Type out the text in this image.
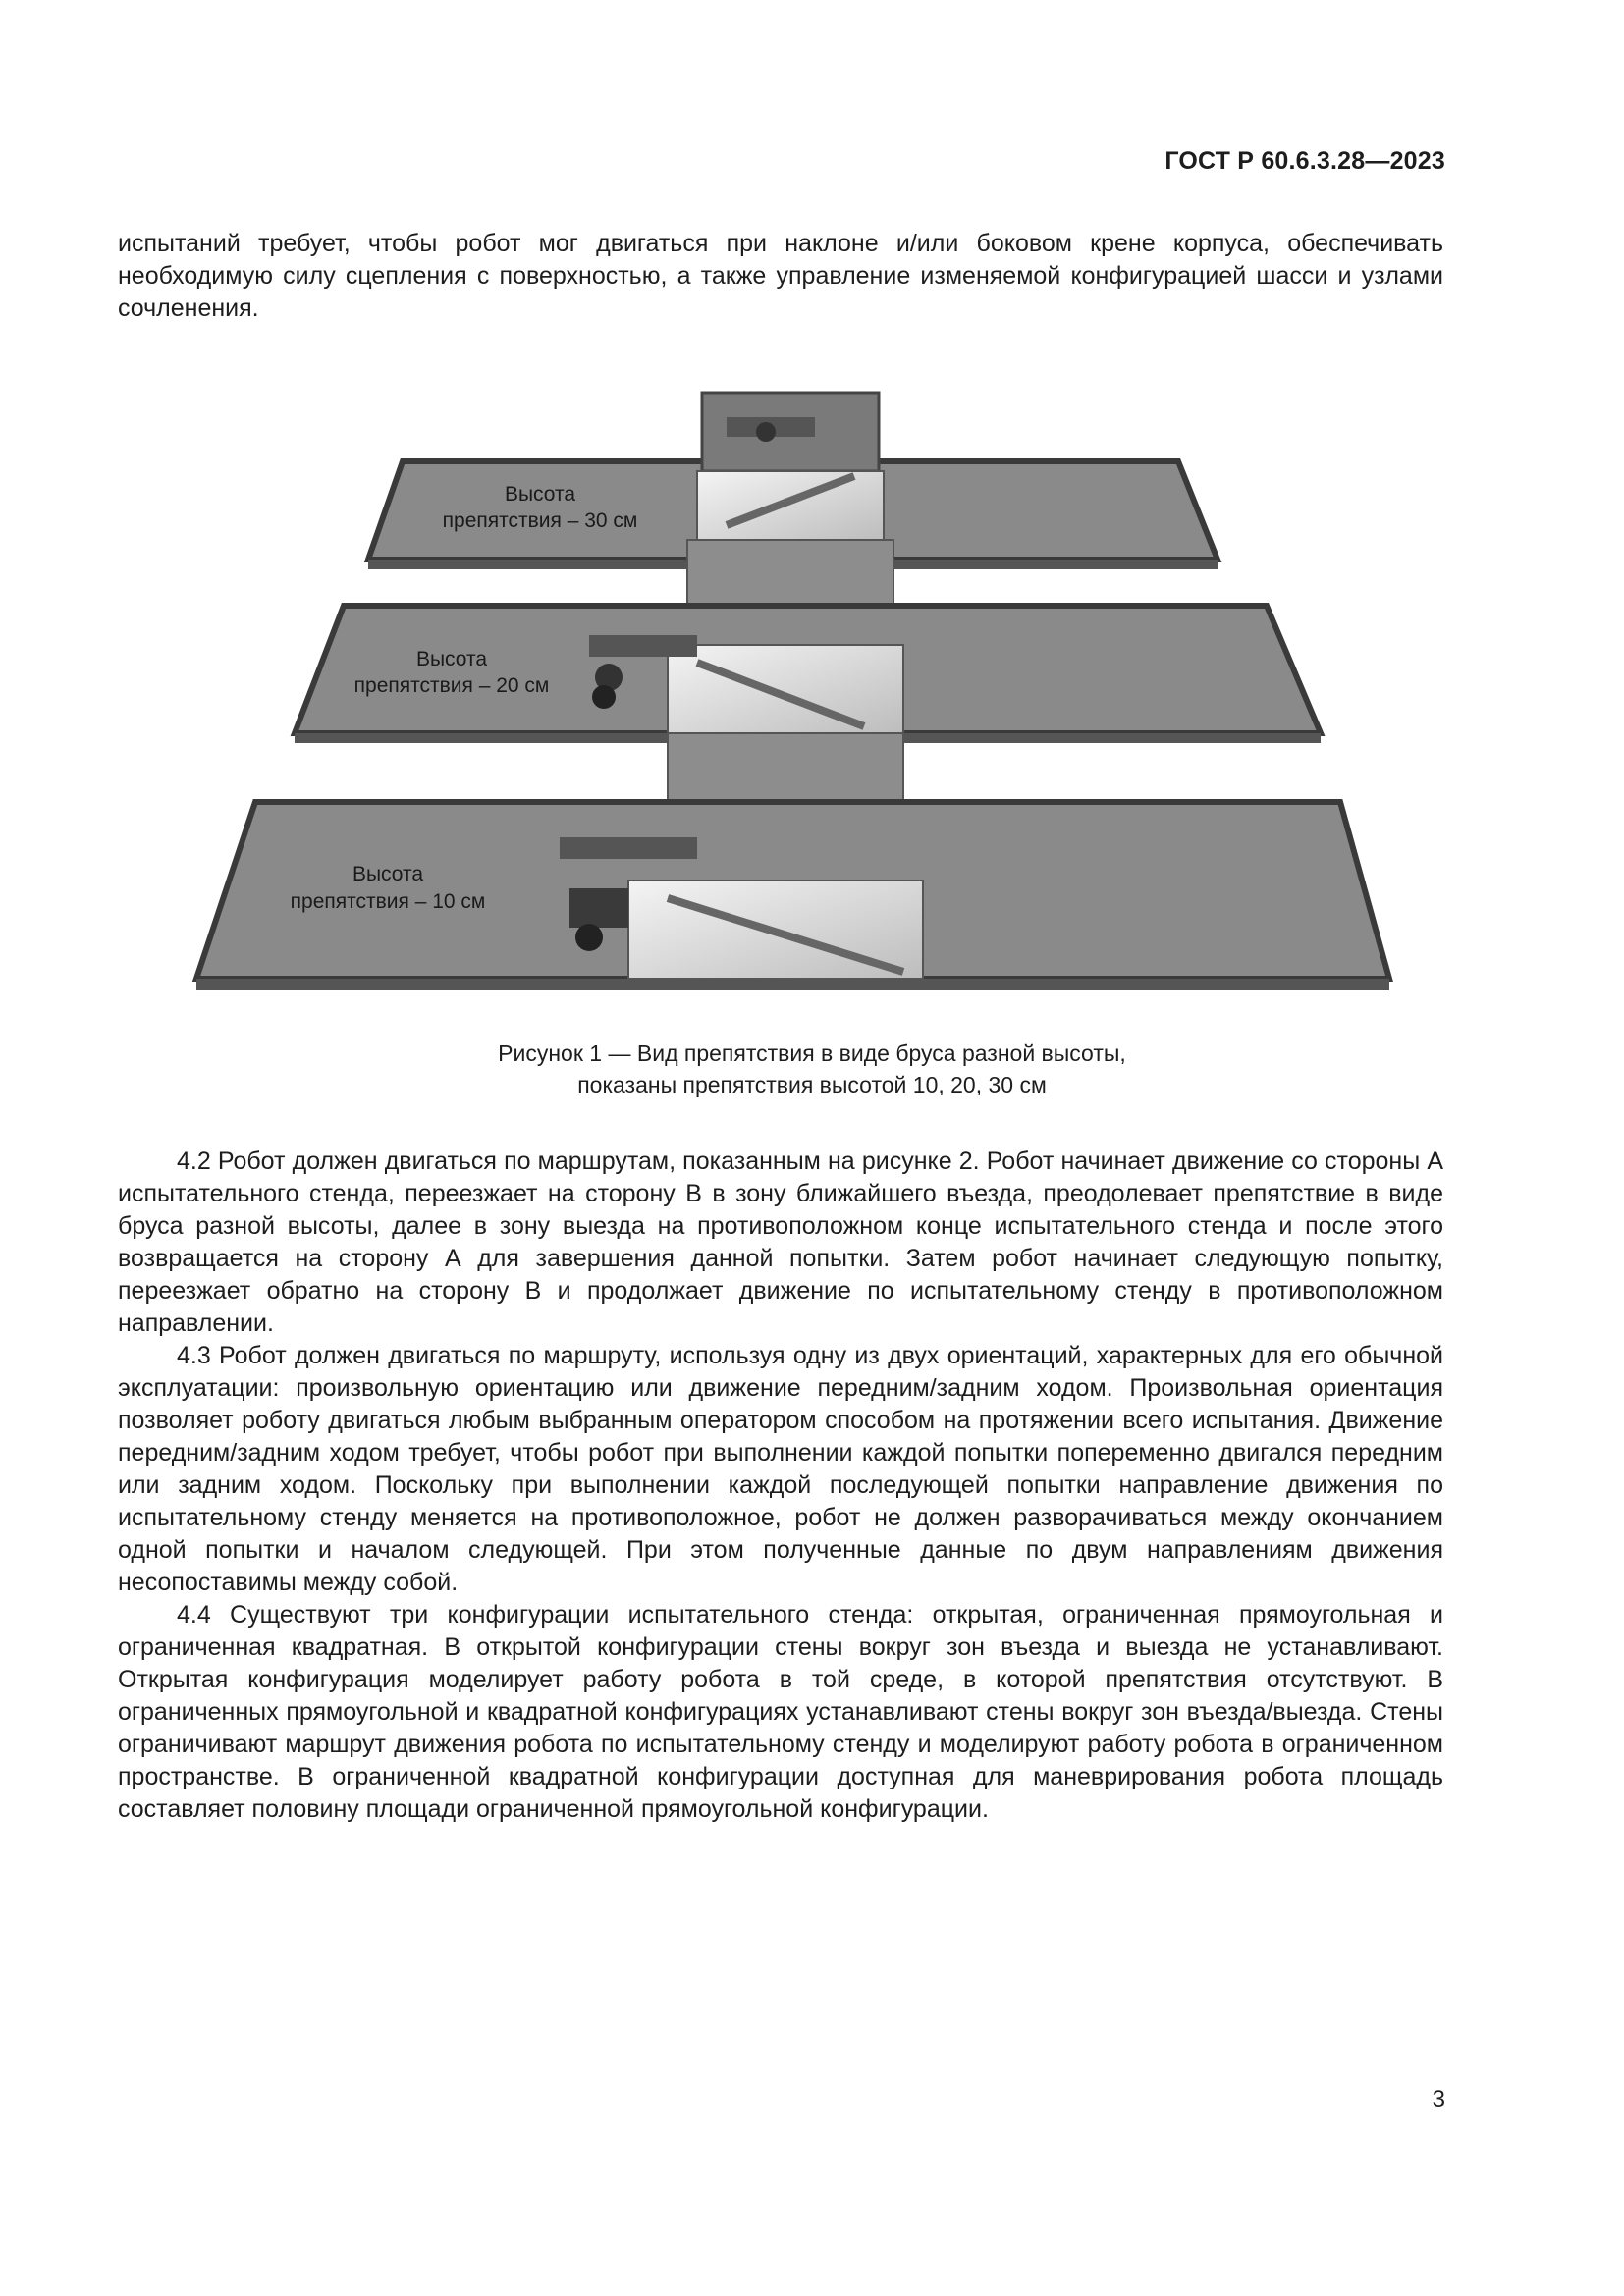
ГОСТ Р 60.6.3.28—2023
испытаний требует, чтобы робот мог двигаться при наклоне и/или боковом крене корпуса, обеспечивать необходимую силу сцепления с поверхностью, а также управление изменяемой конфигурацией шасси и узлами сочленения.
Высота
препятствия – 30 см
Высота
препятствия – 20 см
Высота
препятствия – 10 см
Рисунок 1 — Вид препятствия в виде бруса разной высоты,
показаны препятствия высотой 10, 20, 30 см

4.2 Робот должен двигаться по маршрутам, показанным на рисунке 2. Робот начинает движение со стороны А испытательного стенда, переезжает на сторону В в зону ближайшего въезда, преодолевает препятствие в виде бруса разной высоты, далее в зону выезда на противоположном конце испытательного стенда и после этого возвращается на сторону А для завершения данной попытки. Затем робот начинает следующую попытку, переезжает обратно на сторону В и продолжает движение по испытательному стенду в противоположном направлении.

4.3 Робот должен двигаться по маршруту, используя одну из двух ориентаций, характерных для его обычной эксплуатации: произвольную ориентацию или движение передним/задним ходом. Произвольная ориентация позволяет роботу двигаться любым выбранным оператором способом на протяжении всего испытания. Движение передним/задним ходом требует, чтобы робот при выполнении каждой попытки попеременно двигался передним или задним ходом. Поскольку при выполнении каждой последующей попытки направление движения по испытательному стенду меняется на противоположное, робот не должен разворачиваться между окончанием одной попытки и началом следующей. При этом полученные данные по двум направлениям движения несопоставимы между собой.

4.4 Существуют три конфигурации испытательного стенда: открытая, ограниченная прямоугольная и ограниченная квадратная. В открытой конфигурации стены вокруг зон въезда и выезда не устанавливают. Открытая конфигурация моделирует работу робота в той среде, в которой препятствия отсутствуют. В ограниченных прямоугольной и квадратной конфигурациях устанавливают стены вокруг зон въезда/выезда. Стены ограничивают маршрут движения робота по испытательному стенду и моделируют работу робота в ограниченном пространстве. В ограниченной квадратной конфигурации доступная для маневрирования робота площадь составляет половину площади ограниченной прямоугольной конфигурации.

3
